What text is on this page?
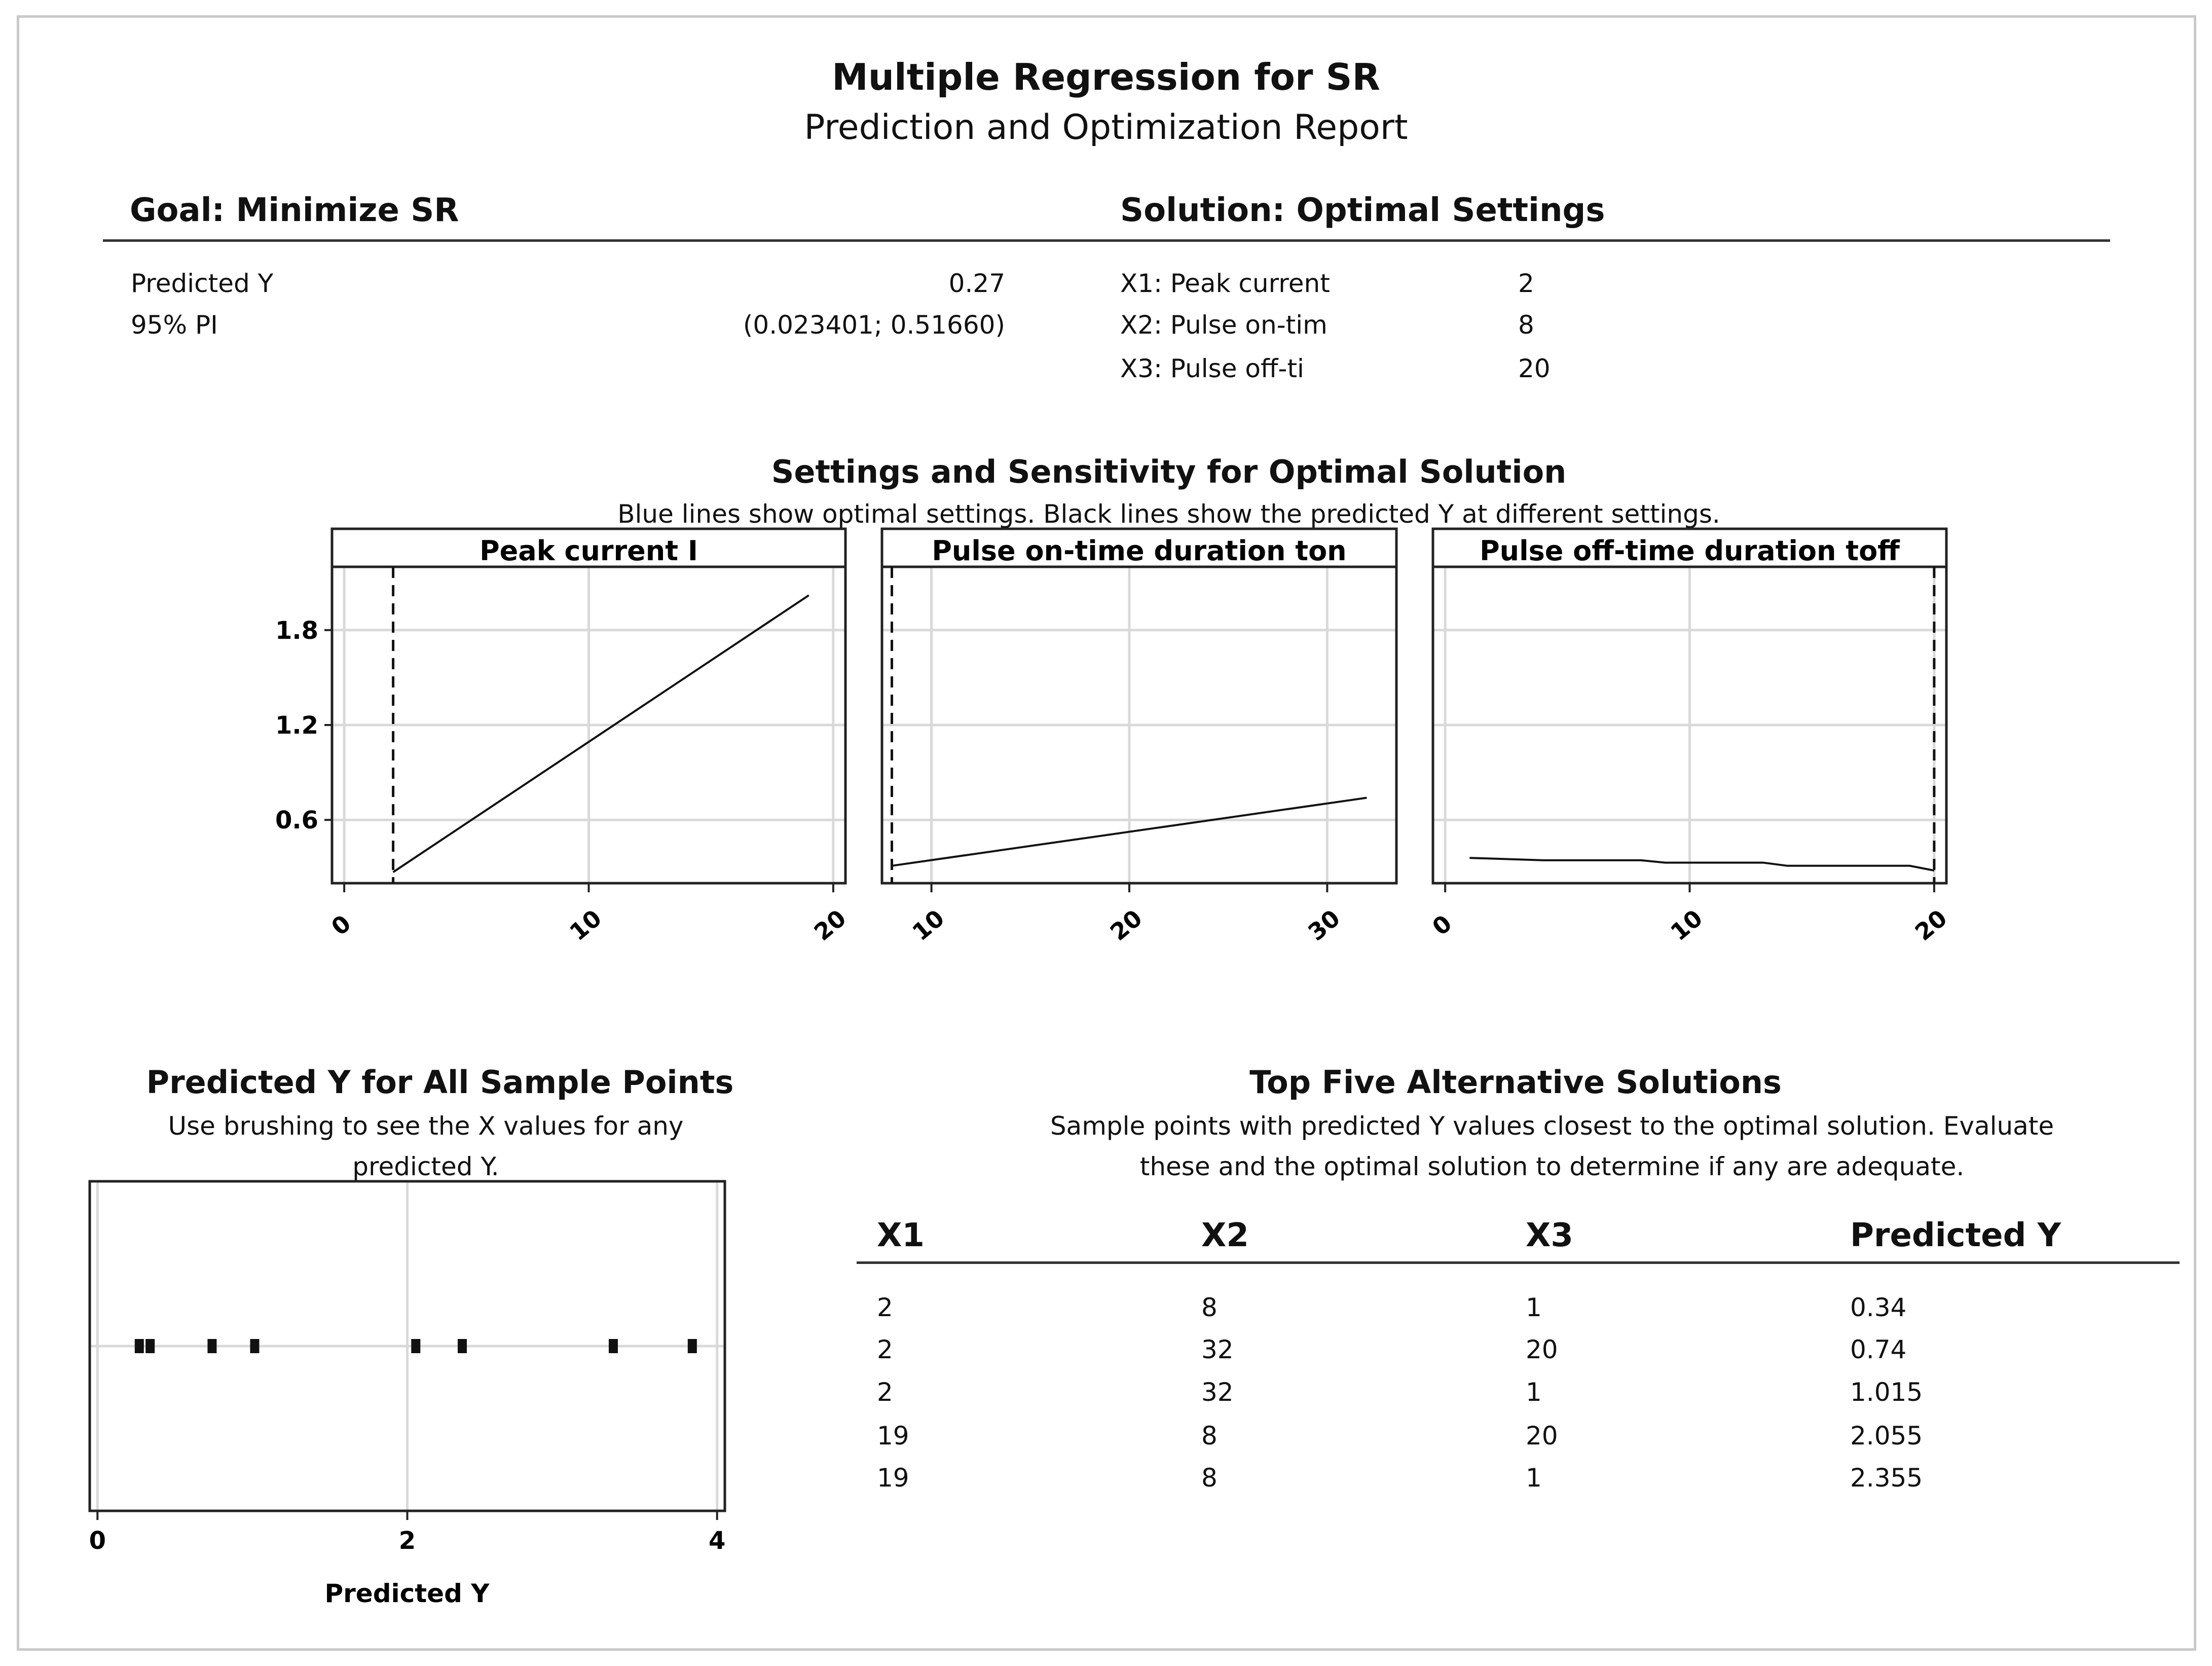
Multiple Regression for SR
Prediction and Optimization Report
Goal: Minimize SR	Solution: Optimal Settings
Predicted Y	0.27
95% PI	(0.023401; 0.51660)
X1: Peak current	2
X2: Pulse on-tim	8
X3: Pulse off-ti	20
Settings and Sensitivity for Optimal Solution
Blue lines show optimal settings. Black lines show the predicted Y at different settings.
0	10	20
Peak current I
10	20	30
Pulse on-time duration ton
0	10	20
Pulse off-time duration toff
0.6
1.2
1.8
Predicted Y for All Sample Points
Use brushing to see the X values for any
predicted Y.
0	2	4
Predicted Y
Top Five Alternative Solutions
Sample points with predicted Y values closest to the optimal solution. Evaluate
these and the optimal solution to determine if any are adequate.
X1	X2	X3	Predicted Y
2	8	1	0.34
2	32	20	0.74
2	32	1	1.015
19	8	20	2.055
19	8	1	2.355
